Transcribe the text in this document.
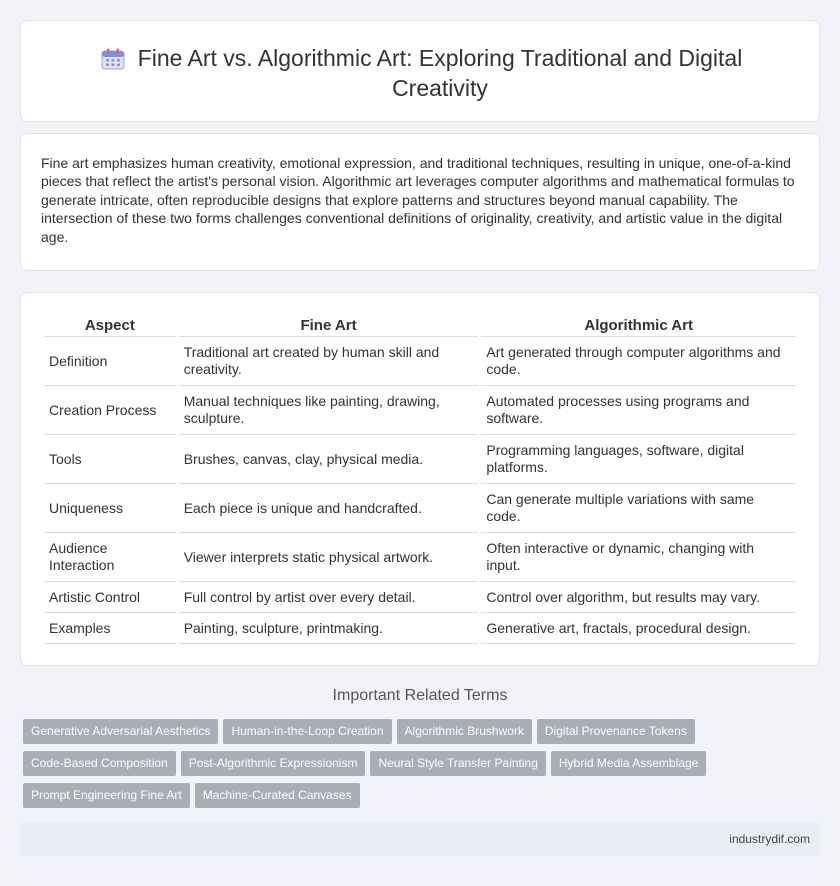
Fine Art vs. Algorithmic Art: Exploring Traditional and Digital Creativity

Fine art emphasizes human creativity, emotional expression, and traditional techniques, resulting in unique, one-of-a-kind pieces that reflect the artist's personal vision. Algorithmic art leverages computer algorithms and mathematical formulas to generate intricate, often reproducible designs that explore patterns and structures beyond manual capability. The intersection of these two forms challenges conventional definitions of originality, creativity, and artistic value in the digital age.

Aspect	Fine Art	Algorithmic Art
Definition	Traditional art created by human skill and creativity.	Art generated through computer algorithms and code.
Creation Process	Manual techniques like painting, drawing, sculpture.	Automated processes using programs and software.
Tools	Brushes, canvas, clay, physical media.	Programming languages, software, digital platforms.
Uniqueness	Each piece is unique and handcrafted.	Can generate multiple variations with same code.
Audience Interaction	Viewer interprets static physical artwork.	Often interactive or dynamic, changing with input.
Artistic Control	Full control by artist over every detail.	Control over algorithm, but results may vary.
Examples	Painting, sculpture, printmaking.	Generative art, fractals, procedural design.
Important Related Terms
Generative Adversarial Aesthetics Human-in-the-Loop Creation Algorithmic Brushwork Digital Provenance Tokens
Code-Based Composition Post-Algorithmic Expressionism Neural Style Transfer Painting Hybrid Media Assemblage
Prompt Engineering Fine Art Machine-Curated Canvases
industrydif.com
